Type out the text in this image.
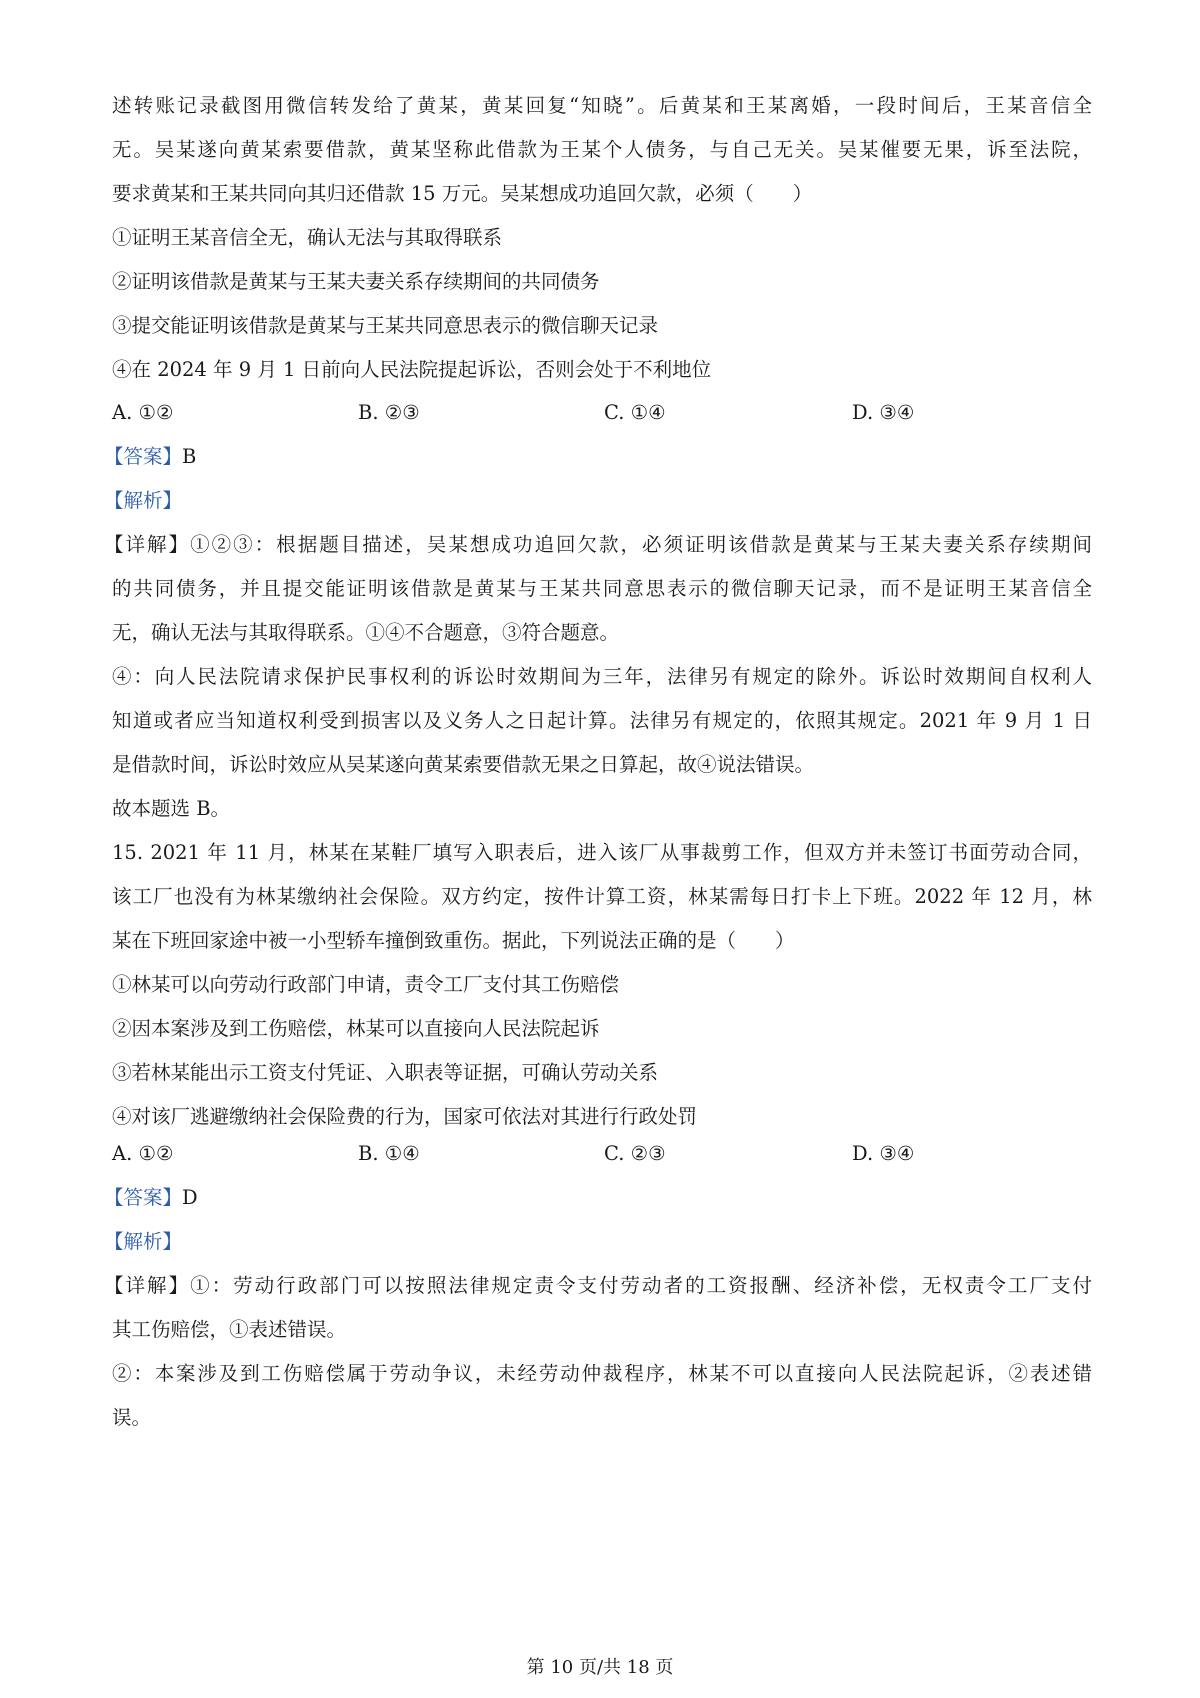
述转账记录截图用微信转发给了黄某，黄某回复“知晓”。后黄某和王某离婚，一段时间后，王某音信全
无。吴某遂向黄某索要借款，黄某坚称此借款为王某个人债务，与自己无关。吴某催要无果，诉至法院，
要求黄某和王某共同向其归还借款 15 万元。吴某想成功追回欠款，必须（　　）
①证明王某音信全无，确认无法与其取得联系
②证明该借款是黄某与王某夫妻关系存续期间的共同债务
③提交能证明该借款是黄某与王某共同意思表示的微信聊天记录
④在 2024 年 9 月 1 日前向人民法院提起诉讼，否则会处于不利地位
A. ①②	B. ②③	C. ①④	D. ③④
【答案】B
【解析】
【详解】①②③：根据题目描述，吴某想成功追回欠款，必须证明该借款是黄某与王某夫妻关系存续期间
的共同债务，并且提交能证明该借款是黄某与王某共同意思表示的微信聊天记录，而不是证明王某音信全
无，确认无法与其取得联系。①④不合题意，③符合题意。
④：向人民法院请求保护民事权利的诉讼时效期间为三年，法律另有规定的除外。诉讼时效期间自权利人
知道或者应当知道权利受到损害以及义务人之日起计算。法律另有规定的，依照其规定。2021 年 9 月 1 日
是借款时间，诉讼时效应从吴某遂向黄某索要借款无果之日算起，故④说法错误。
故本题选 B。
15. 2021 年 11 月，林某在某鞋厂填写入职表后，进入该厂从事裁剪工作，但双方并未签订书面劳动合同，
该工厂也没有为林某缴纳社会保险。双方约定，按件计算工资，林某需每日打卡上下班。2022 年 12 月，林
某在下班回家途中被一小型轿车撞倒致重伤。据此，下列说法正确的是（　　）
①林某可以向劳动行政部门申请，责令工厂支付其工伤赔偿
②因本案涉及到工伤赔偿，林某可以直接向人民法院起诉
③若林某能出示工资支付凭证、入职表等证据，可确认劳动关系
④对该厂逃避缴纳社会保险费的行为，国家可依法对其进行行政处罚
A. ①②	B. ①④	C. ②③	D. ③④
【答案】D
【解析】
【详解】①：劳动行政部门可以按照法律规定责令支付劳动者的工资报酬、经济补偿，无权责令工厂支付
其工伤赔偿，①表述错误。
②：本案涉及到工伤赔偿属于劳动争议，未经劳动仲裁程序，林某不可以直接向人民法院起诉，②表述错
误。
第 10 页/共 18 页
